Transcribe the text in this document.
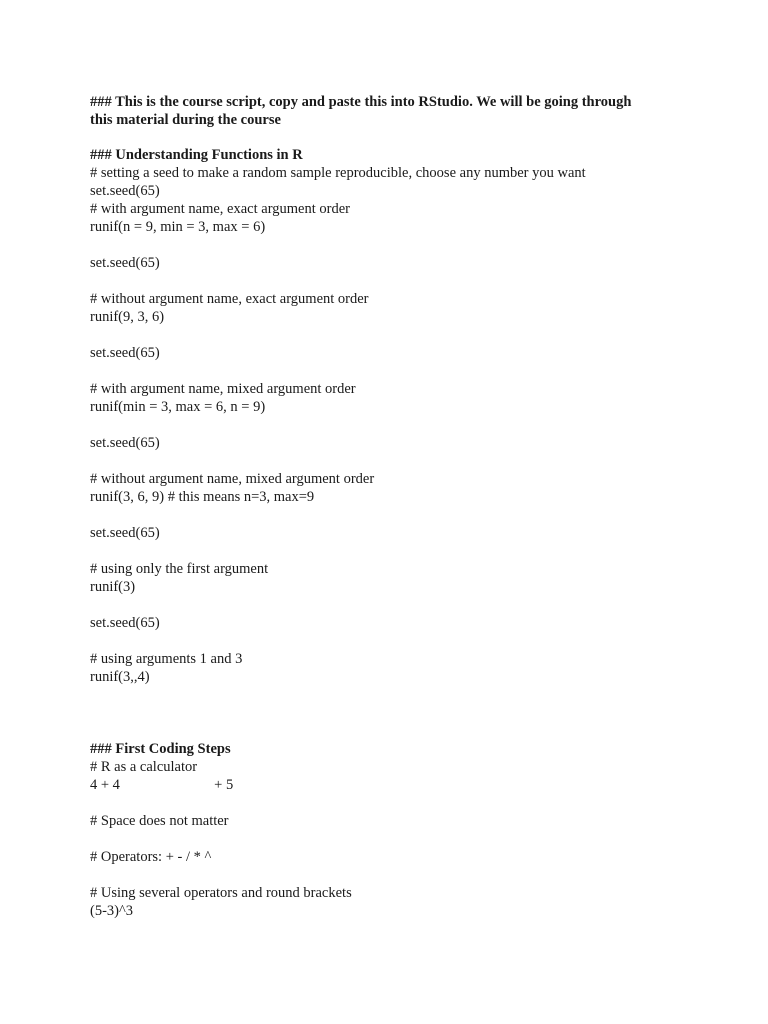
### This is the course script, copy and paste this into RStudio. We will be going through
this material during the course
### Understanding Functions in R
# setting a seed to make a random sample reproducible, choose any number you want
set.seed(65)
# with argument name, exact argument order
runif(n = 9, min = 3, max = 6)
set.seed(65)
# without argument name, exact argument order
runif(9, 3, 6)
set.seed(65)
# with argument name, mixed argument order
runif(min = 3, max = 6, n = 9)
set.seed(65)
# without argument name, mixed argument order
runif(3, 6, 9) # this means n=3, max=9
set.seed(65)
# using only the first argument
runif(3)
set.seed(65)
# using arguments 1 and 3
runif(3,,4)
### First Coding Steps
# R as a calculator
4 + 4                          + 5
# Space does not matter
# Operators: + - / * ^
# Using several operators and round brackets
(5-3)^3
